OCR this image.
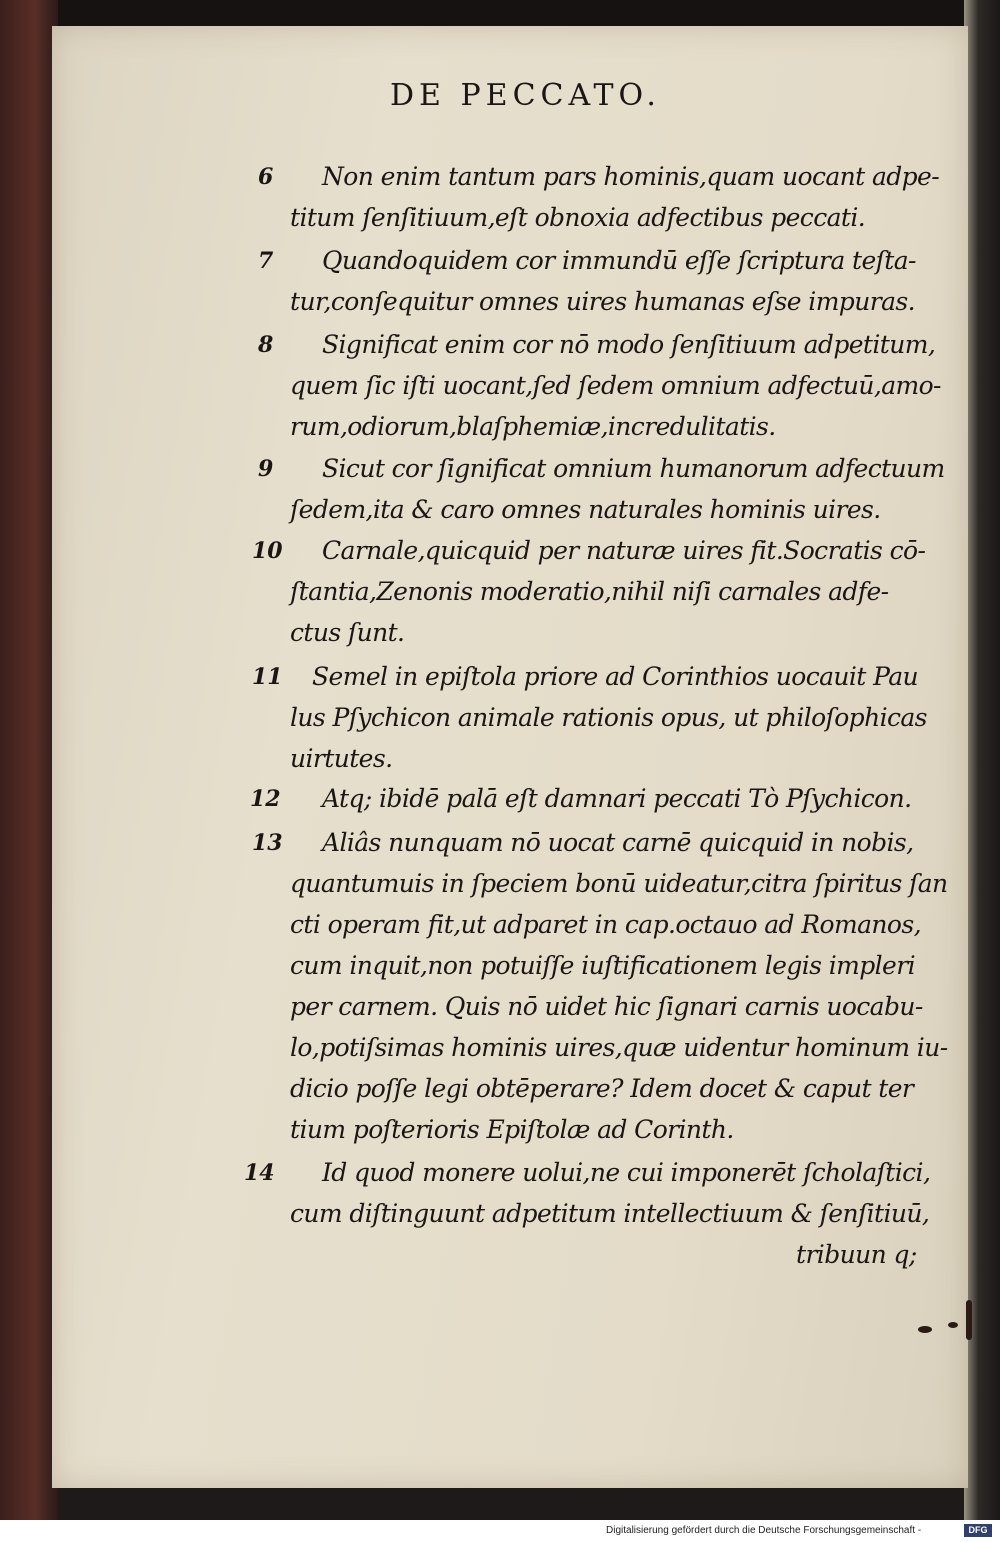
DE PECCATO.
6 Non enim tantum pars hominis,quam uocant adpe-
titum ſenſitiuum,eſt obnoxia adfectibus peccati.
7 Quandoquidem cor immundū eſſe ſcriptura teſta-
tur,conſequitur omnes uires humanas eſse impuras.
8 Significat enim cor nō modo ſenſitiuum adpetitum,
quem ſic iſti uocant,ſed ſedem omnium adfectuū,amo-
rum,odiorum,blaſphemiæ,incredulitatis.
9 Sicut cor ſignificat omnium humanorum adfectuum
ſedem,ita & caro omnes naturales hominis uires.
10 Carnale,quicquid per naturæ uires fit.Socratis cō-
ſtantia,Zenonis moderatio,nihil niſi carnales adfe-
ctus ſunt.
11 Semel in epiſtola priore ad Corinthios uocauit Pau
lus Pſychicon animale rationis opus, ut philoſophicas
uirtutes.
12 Atq; ibidē palā eſt damnari peccati Tὸ Pſychicon.
13 Aliâs nunquam nō uocat carnē quicquid in nobis,
quantumuis in ſpeciem bonū uideatur,citra ſpiritus ſan
cti operam fit,ut adparet in cap.octauo ad Romanos,
cum inquit,non potuiſſe iuſtificationem legis impleri
per carnem. Quis nō uidet hic ſignari carnis uocabu-
lo,potiſsimas hominis uires,quæ uidentur hominum iu-
dicio poſſe legi obtēperare? Idem docet & caput ter
tium poſterioris Epiſtolæ ad Corinth.
14 Id quod monere uolui,ne cui imponerēt ſcholaſtici,
cum diſtinguunt adpetitum intellectiuum & ſenſitiuū,
tribuun q;
Digitalisierung gefördert durch die Deutsche Forschungsgemeinschaft -	DFG
